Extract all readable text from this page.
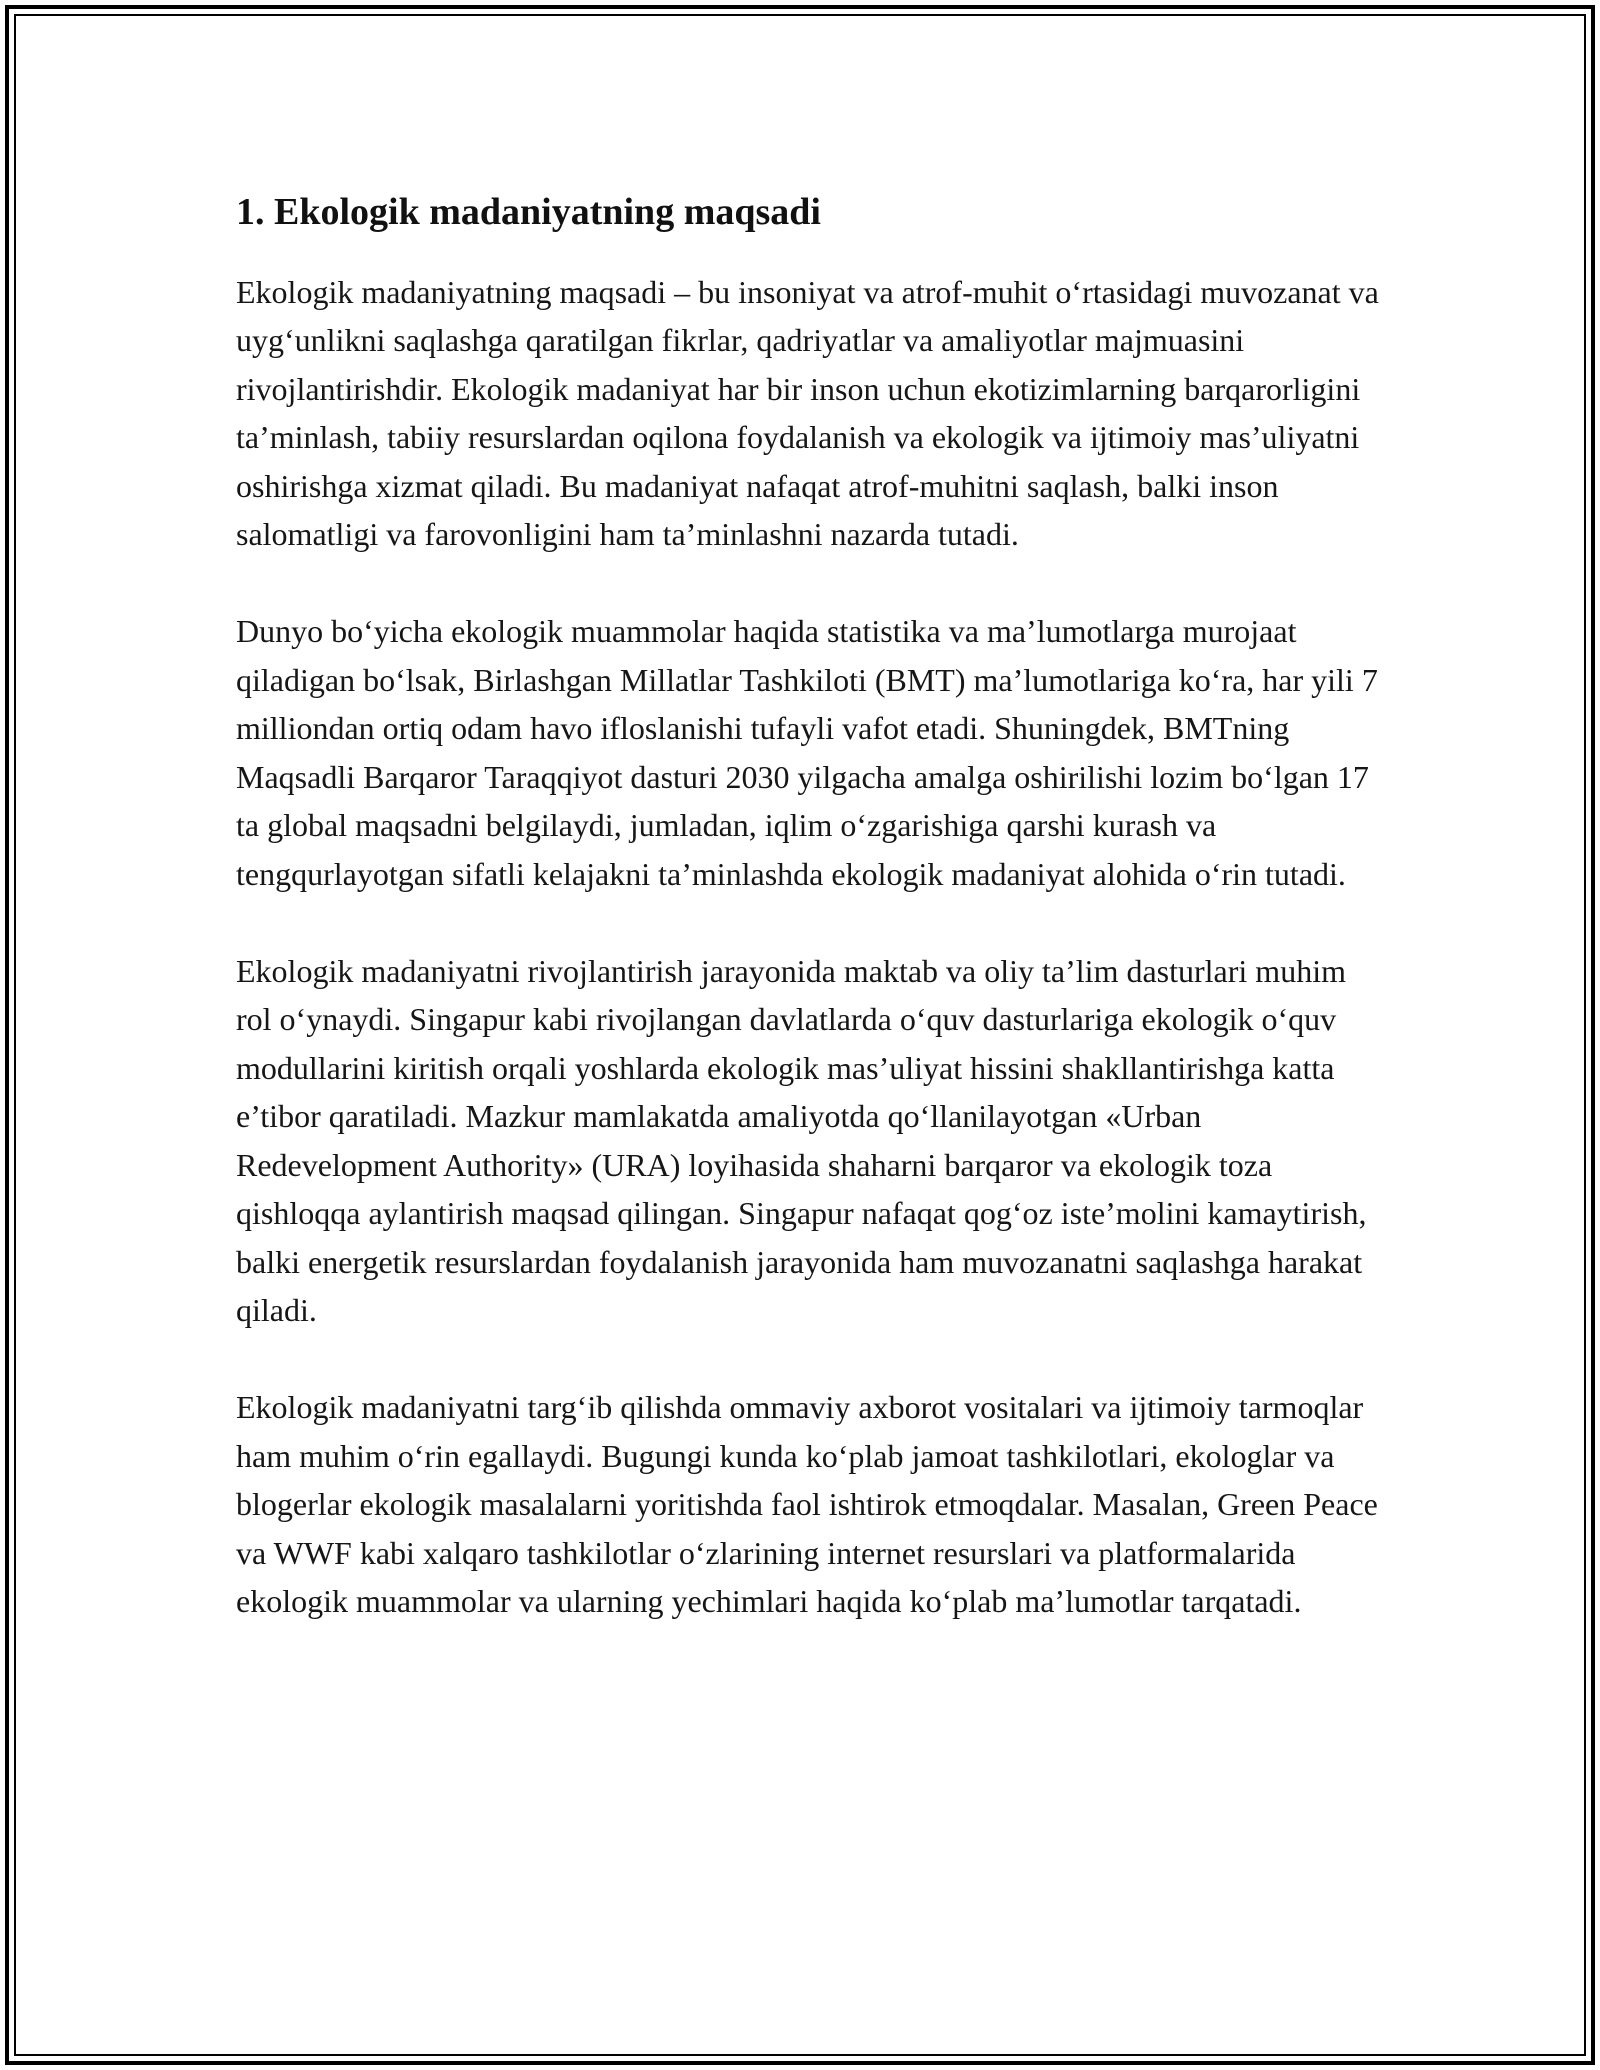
1. Ekologik madaniyatning maqsadi

Ekologik madaniyatning maqsadi – bu insoniyat va atrof-muhit o‘rtasidagi muvozanat va uyg‘unlikni saqlashga qaratilgan fikrlar, qadriyatlar va amaliyotlar majmuasini rivojlantirishdir. Ekologik madaniyat har bir inson uchun ekotizimlarning barqarorligini ta’minlash, tabiiy resurslardan oqilona foydalanish va ekologik va ijtimoiy mas’uliyatni oshirishga xizmat qiladi. Bu madaniyat nafaqat atrof-muhitni saqlash, balki inson salomatligi va farovonligini ham ta’minlashni nazarda tutadi.

Dunyo bo‘yicha ekologik muammolar haqida statistika va ma’lumotlarga murojaat qiladigan bo‘lsak, Birlashgan Millatlar Tashkiloti (BMT) ma’lumotlariga ko‘ra, har yili 7 milliondan ortiq odam havo ifloslanishi tufayli vafot etadi. Shuningdek, BMTning Maqsadli Barqaror Taraqqiyot dasturi 2030 yilgacha amalga oshirilishi lozim bo‘lgan 17 ta global maqsadni belgilaydi, jumladan, iqlim o‘zgarishiga qarshi kurash va tengqurlayotgan sifatli kelajakni ta’minlashda ekologik madaniyat alohida o‘rin tutadi.

Ekologik madaniyatni rivojlantirish jarayonida maktab va oliy ta’lim dasturlari muhim rol o‘ynaydi. Singapur kabi rivojlangan davlatlarda o‘quv dasturlariga ekologik o‘quv modullarini kiritish orqali yoshlarda ekologik mas’uliyat hissini shakllantirishga katta e’tibor qaratiladi. Mazkur mamlakatda amaliyotda qo‘llanilayotgan «Urban Redevelopment Authority» (URA) loyihasida shaharni barqaror va ekologik toza qishloqqa aylantirish maqsad qilingan. Singapur nafaqat qog‘oz iste’molini kamaytirish, balki energetik resurslardan foydalanish jarayonida ham muvozanatni saqlashga harakat qiladi.

Ekologik madaniyatni targ‘ib qilishda ommaviy axborot vositalari va ijtimoiy tarmoqlar ham muhim o‘rin egallaydi. Bugungi kunda ko‘plab jamoat tashkilotlari, ekologlar va blogerlar ekologik masalalarni yoritishda faol ishtirok etmoqdalar. Masalan, Green Peace va WWF kabi xalqaro tashkilotlar o‘zlarining internet resurslari va platformalarida ekologik muammolar va ularning yechimlari haqida ko‘plab ma’lumotlar tarqatadi.
